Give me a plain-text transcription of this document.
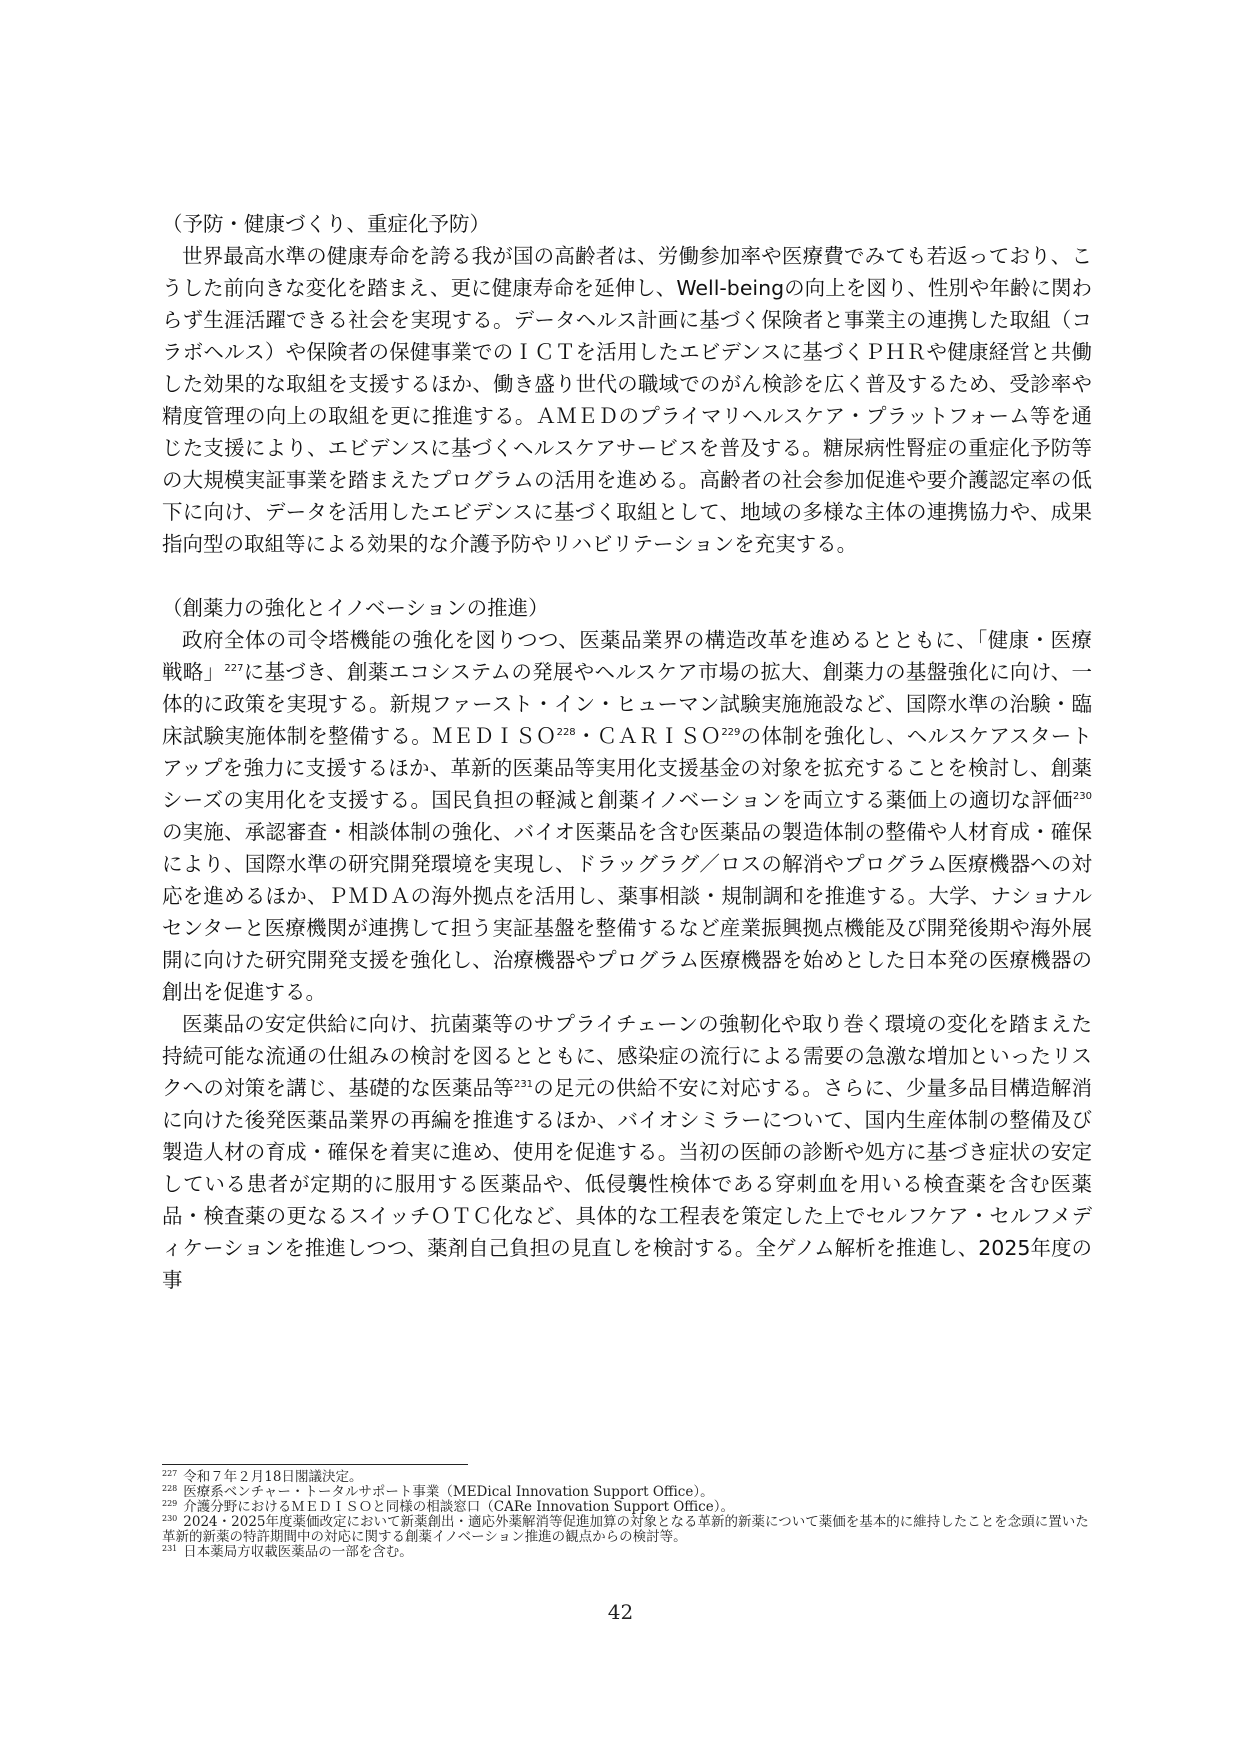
（予防・健康づくり、重症化予防）

世界最高水準の健康寿命を誇る我が国の高齢者は、労働参加率や医療費でみても若返っており、こうした前向きな変化を踏まえ、更に健康寿命を延伸し、Well-beingの向上を図り、性別や年齢に関わらず生涯活躍できる社会を実現する。データヘルス計画に基づく保険者と事業主の連携した取組（コラボヘルス）や保険者の保健事業でのＩＣＴを活用したエビデンスに基づくＰＨＲや健康経営と共働した効果的な取組を支援するほか、働き盛り世代の職域でのがん検診を広く普及するため、受診率や精度管理の向上の取組を更に推進する。ＡＭＥＤのプライマリヘルスケア・プラットフォーム等を通じた支援により、エビデンスに基づくヘルスケアサービスを普及する。糖尿病性腎症の重症化予防等の大規模実証事業を踏まえたプログラムの活用を進める。高齢者の社会参加促進や要介護認定率の低下に向け、データを活用したエビデンスに基づく取組として、地域の多様な主体の連携協力や、成果指向型の取組等による効果的な介護予防やリハビリテーションを充実する。

（創薬力の強化とイノベーションの推進）

政府全体の司令塔機能の強化を図りつつ、医薬品業界の構造改革を進めるとともに、「健康・医療戦略」$^{227}$に基づき、創薬エコシステムの発展やヘルスケア市場の拡大、創薬力の基盤強化に向け、一体的に政策を実現する。新規ファースト・イン・ヒューマン試験実施施設など、国際水準の治験・臨床試験実施体制を整備する。ＭＥＤＩＳＯ$^{228}$・ＣＡＲＩＳＯ$^{229}$の体制を強化し、ヘルスケアスタートアップを強力に支援するほか、革新的医薬品等実用化支援基金の対象を拡充することを検討し、創薬シーズの実用化を支援する。国民負担の軽減と創薬イノベーションを両立する薬価上の適切な評価$^{230}$の実施、承認審査・相談体制の強化、バイオ医薬品を含む医薬品の製造体制の整備や人材育成・確保により、国際水準の研究開発環境を実現し、ドラッグラグ／ロスの解消やプログラム医療機器への対応を進めるほか、ＰＭＤＡの海外拠点を活用し、薬事相談・規制調和を推進する。大学、ナショナルセンターと医療機関が連携して担う実証基盤を整備するなど産業振興拠点機能及び開発後期や海外展開に向けた研究開発支援を強化し、治療機器やプログラム医療機器を始めとした日本発の医療機器の創出を促進する。

医薬品の安定供給に向け、抗菌薬等のサプライチェーンの強靭化や取り巻く環境の変化を踏まえた持続可能な流通の仕組みの検討を図るとともに、感染症の流行による需要の急激な増加といったリスクへの対策を講じ、基礎的な医薬品等$^{231}$の足元の供給不安に対応する。さらに、少量多品目構造解消に向けた後発医薬品業界の再編を推進するほか、バイオシミラーについて、国内生産体制の整備及び製造人材の育成・確保を着実に進め、使用を促進する。当初の医師の診断や処方に基づき症状の安定している患者が定期的に服用する医薬品や、低侵襲性検体である穿刺血を用いる検査薬を含む医薬品・検査薬の更なるスイッチＯＴＣ化など、具体的な工程表を策定した上でセルフケア・セルフメディケーションを推進しつつ、薬剤自己負担の見直しを検討する。全ゲノム解析を推進し、2025年度の事

$^{227}$ 令和７年２月18日閣議決定。

$^{228}$ 医療系ベンチャー・トータルサポート事業（MEDical Innovation Support Office）。

$^{229}$ 介護分野におけるＭＥＤＩＳＯと同様の相談窓口（CARe Innovation Support Office）。

$^{230}$ 2024・2025年度薬価改定において新薬創出・適応外薬解消等促進加算の対象となる革新的新薬について薬価を基本的に維持したことを念頭に置いた革新的新薬の特許期間中の対応に関する創薬イノベーション推進の観点からの検討等。

$^{231}$ 日本薬局方収載医薬品の一部を含む。

42
